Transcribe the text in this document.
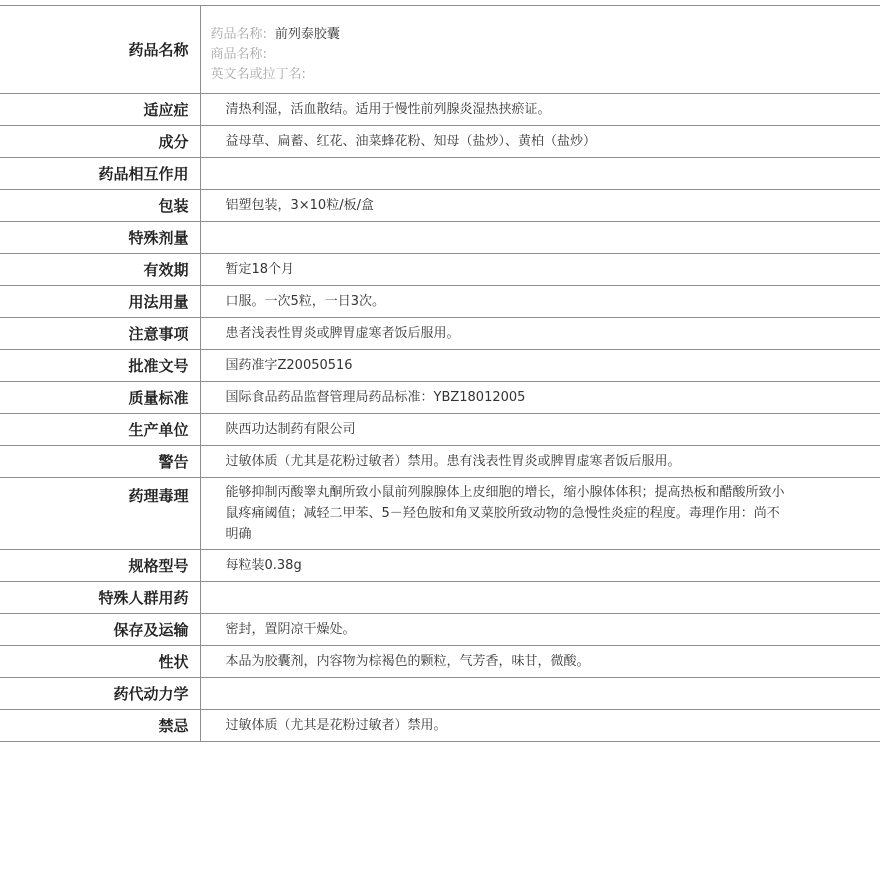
药品名称	药品名称: 前列泰胶囊
商品名称:
英文名或拉丁名:

适应症	清热利湿，活血散结。适用于慢性前列腺炎湿热挟瘀证。
成分	益母草、扁蓄、红花、油菜蜂花粉、知母（盐炒）、黄柏（盐炒）
药品相互作用	
包装	铝塑包装，3×10粒/板/盒
特殊剂量	
有效期	暂定18个月
用法用量	口服。一次5粒，一日3次。
注意事项	患者浅表性胃炎或脾胃虚寒者饭后服用。
批准文号	国药准字Z20050516
质量标准	国际食品药品监督管理局药品标准：YBZ18012005
生产单位	陕西功达制药有限公司
警告	过敏体质（尤其是花粉过敏者）禁用。患有浅表性胃炎或脾胃虚寒者饭后服用。
药理毒理	能够抑制丙酸睾丸酮所致小鼠前列腺腺体上皮细胞的增长，缩小腺体体积；提高热板和醋酸所致小鼠疼痛阈值；减轻二甲苯、5－羟色胺和角叉菜胶所致动物的急慢性炎症的程度。毒理作用：尚不明确
规格型号	每粒装0.38g
特殊人群用药	
保存及运输	密封，置阴凉干燥处。
性状	本品为胶囊剂，内容物为棕褐色的颗粒，气芳香，味甘，微酸。
药代动力学	
禁忌	过敏体质（尤其是花粉过敏者）禁用。
